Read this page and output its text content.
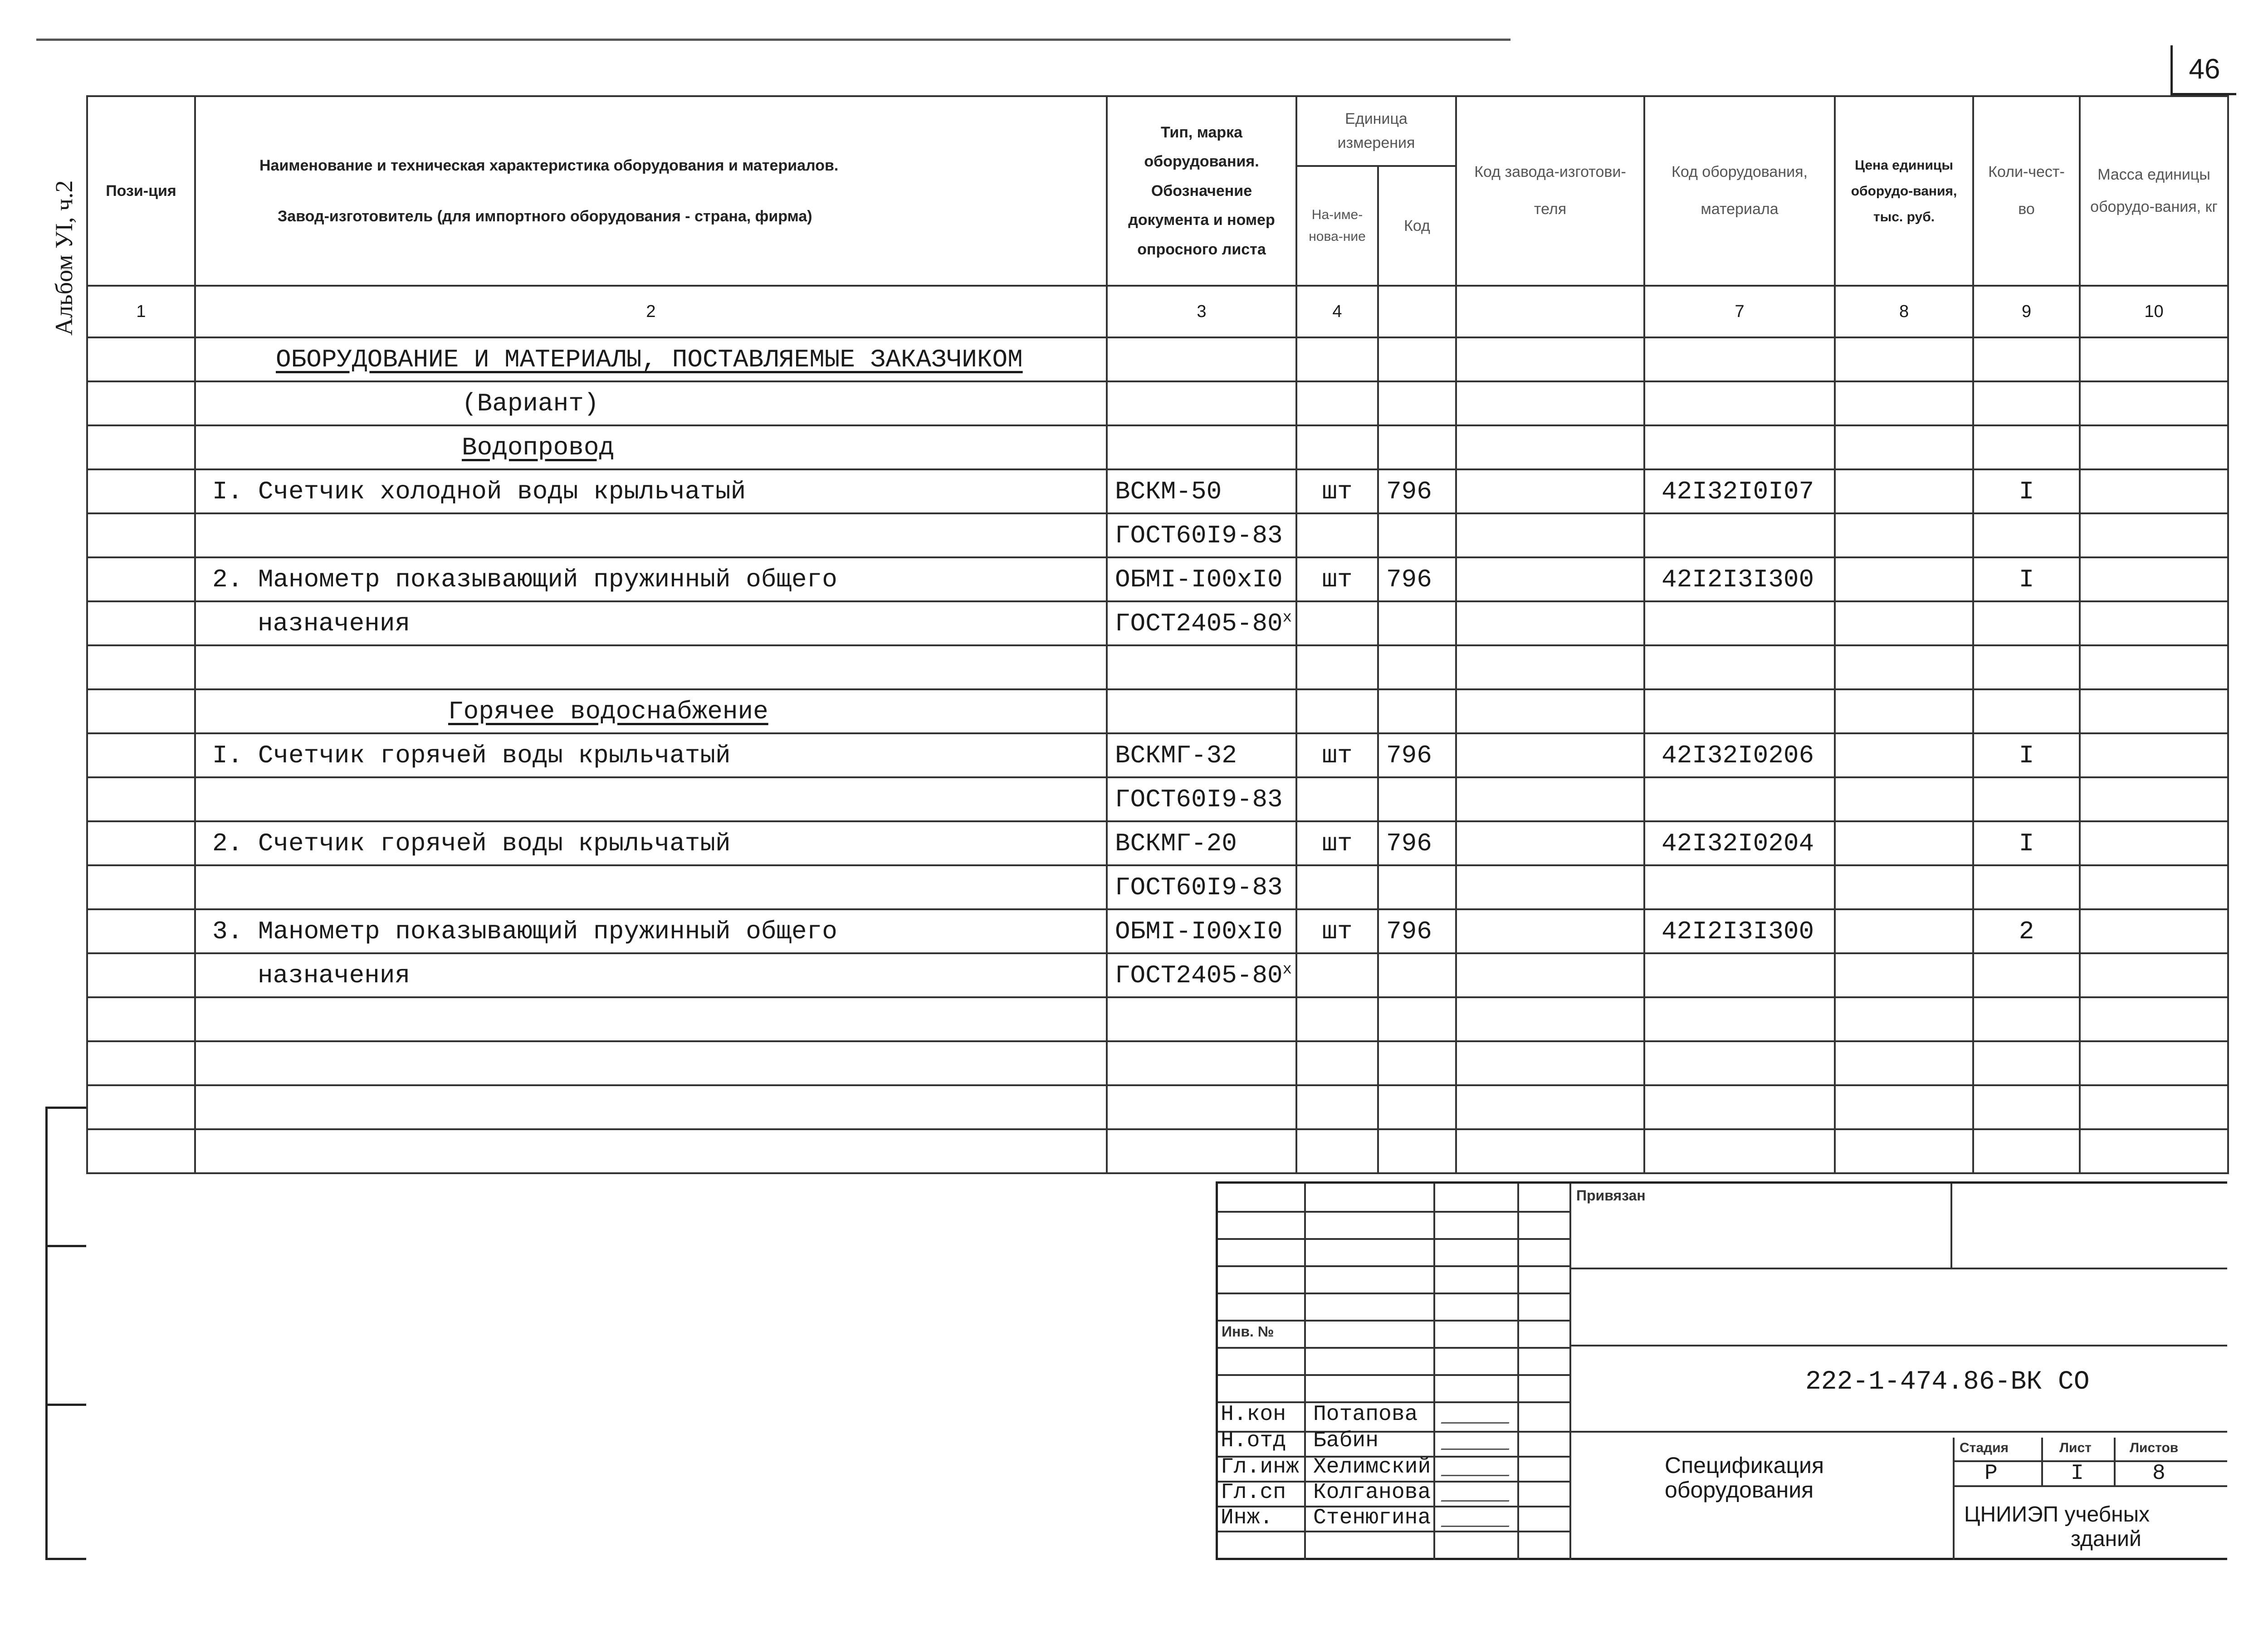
46
Альбом УI, ч.2 Пози-ция	Наименование и техническая характеристика оборудования и материалов.
Завод-изготовитель (для импортного оборудования - страна, фирма)	Тип, марка оборудования. Обозначение документа и номер опросного листа	Единица измерения		Код завода-изготови-теля	Код оборудования, материала	Цена единицы оборудо-вания, тыс. руб.	Коли-чест-во	Масса единицы оборудо-вания, кг
			На-име-нова-ние	Код					
1	2	3	4			7	8	9	10
	ОБОРУДОВАНИЕ И МАТЕРИАЛЫ, ПОСТАВЛЯЕМЫЕ ЗАКАЗЧИКОМ								
	(Вариант)								
	Водопровод								
	I. Счетчик холодной воды крыльчатый	ВСКМ-50	шт	796		42I32I0I07		I	
		ГОСТ60I9-83							
	2. Манометр показывающий пружинный общего	ОБМI-I00хI0	шт	796		42I2I3I300		I	
	назначения	$ГОСТ2405-80^х$							

	Горячее водоснабжение								
	I. Счетчик горячей воды крыльчатый	ВСКМГ-32	шт	796		42I32I0206		I	
		ГОСТ60I9-83							
	2. Счетчик горячей воды крыльчатый	ВСКМГ-20	шт	796		42I32I0204		I	
		ГОСТ60I9-83							
	3. Манометр показывающий пружинный общего	ОБМI-I00хI0	шт	796		42I2I3I300		2	
	назначения	$ГОСТ2405-80^х$							

Привязан
Инв. №
222-1-474.86-ВК СО
Спецификация
оборудования
Стадия	Лист	Листов
Р	I	8
ЦНИИЭП учебных
зданий
Н.кон Потапова
Н.отд Бабин
Гл.инж Хелимский
Гл.сп Колганова
Инж. Стенюгина
